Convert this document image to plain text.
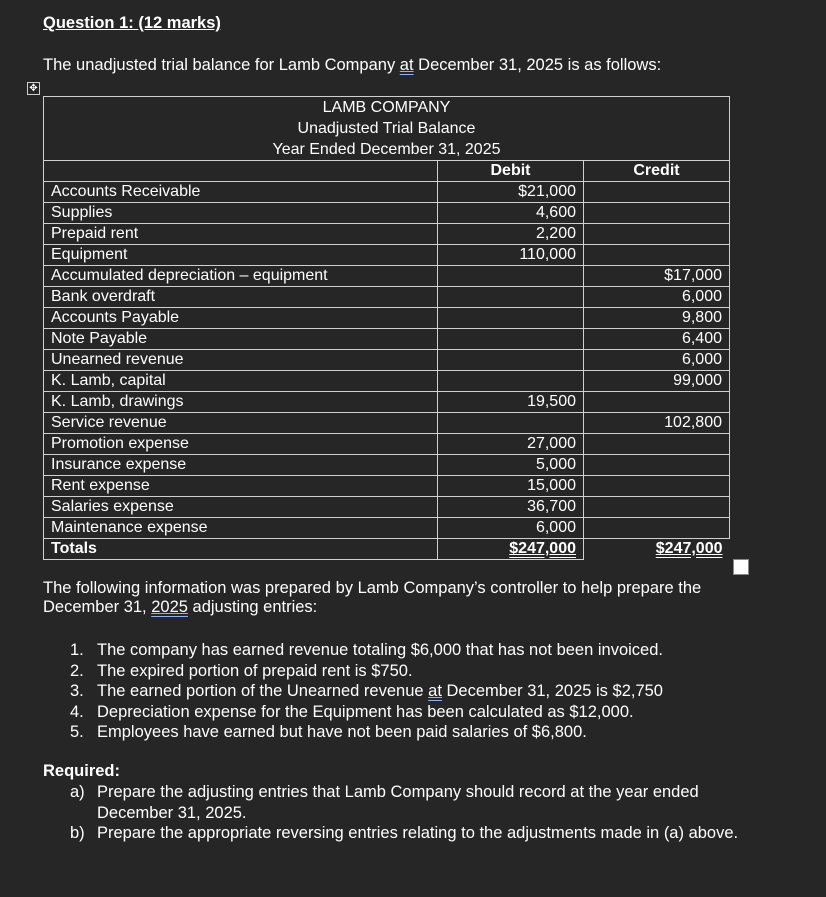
Question 1: (12 marks)
The unadjusted trial balance for Lamb Company at December 31, 2025 is as follows:
✥
LAMB COMPANY
Unadjusted Trial Balance
Year Ended December 31, 2025		

	Debit	Credit
Accounts Receivable	$21,000	
Supplies	4,600	
Prepaid rent	2,200	
Equipment	110,000	
Accumulated depreciation – equipment		$17,000
Bank overdraft		6,000
Accounts Payable		9,800
Note Payable		6,400
Unearned revenue		6,000
K. Lamb, capital		99,000
K. Lamb, drawings	19,500	
Service revenue		102,800
Promotion expense	27,000	
Insurance expense	5,000	
Rent expense	15,000	
Salaries expense	36,700	
Maintenance expense	6,000	
Totals	$247,000	$247,000
The following information was prepared by Lamb Company’s controller to help prepare the
December 31, 2025 adjusting entries:
1. The company has earned revenue totaling $6,000 that has not been invoiced.
2. The expired portion of prepaid rent is $750.
3. The earned portion of the Unearned revenue at December 31, 2025 is $2,750
4. Depreciation expense for the Equipment has been calculated as $12,000.
5. Employees have earned but have not been paid salaries of $6,800.
Required:
a) Prepare the adjusting entries that Lamb Company should record at the year ended
December 31, 2025.
b) Prepare the appropriate reversing entries relating to the adjustments made in (a) above.
